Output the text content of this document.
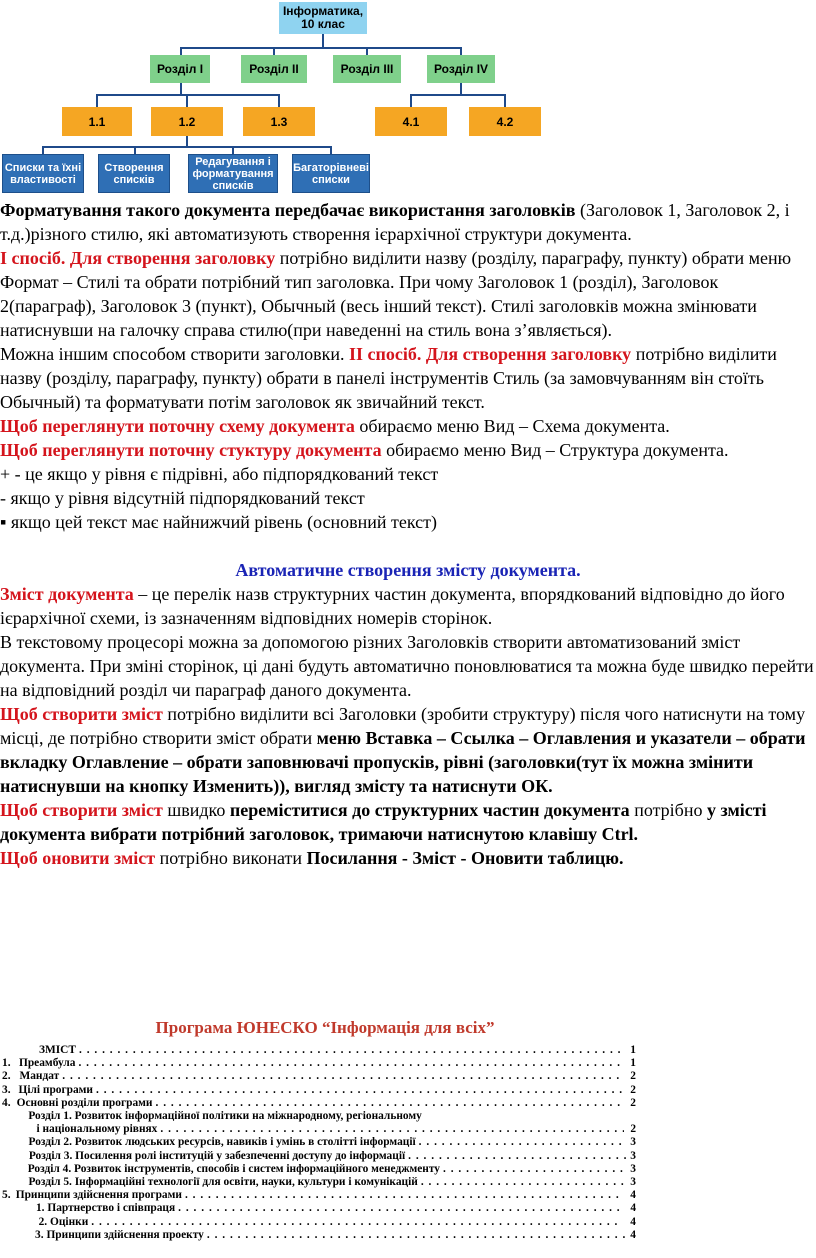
Інформатика, 10 клас
Розділ І	Розділ ІІ	Розділ ІІІ	Розділ IV
1.1	1.2	1.3	4.1	4.2
Списки та їхні властивості
Створення списків
Редагування і форматування списків
Багаторівневі списки

Форматування такого документа передбачає використання заголовків (Заголовок 1, Заголовок 2, і т.д.)різного стилю, які автоматизують створення ієрархічної структури документа.

І спосіб. Для створення заголовку потрібно виділити назву (розділу, параграфу, пункту) обрати меню Формат – Стилі та обрати потрібний тип заголовка. При чому Заголовок 1 (розділ), Заголовок 2(параграф), Заголовок 3 (пункт), Обычный (весь інший текст). Стилі заголовків можна змінювати натиснувши на галочку справа стилю(при наведенні на стиль вона з’являється).

Можна іншим способом створити заголовки. ІІ спосіб. Для створення заголовку потрібно виділити назву (розділу, параграфу, пункту) обрати в панелі інструментів Стиль (за замовчуванням він стоїть Обычный) та форматувати потім заголовок як звичайний текст.

Щоб переглянути поточну схему документа обираємо меню Вид – Схема документа.

Щоб переглянути поточну стуктуру документа обираємо меню Вид – Структура документа.

+ - це якщо у рівня є підрівні, або підпорядкований текст

- якщо у рівня відсутній підпорядкований текст

▪ якщо цей текст має найнижчий рівень (основний текст)

Автоматичне створення змісту документа.

Зміст документа – це перелік назв структурних частин документа, впорядкований відповідно до його ієрархічної схеми, із зазначенням відповідних номерів сторінок.

В текстовому процесорі можна за допомогою різних Заголовків створити автоматизований зміст документа. При зміні сторінок, ці дані будуть автоматично поновлюватися та можна буде швидко перейти на відповідний розділ чи параграф даного документа.

Щоб створити зміст потрібно виділити всі Заголовки (зробити структуру) після чого натиснути на тому місці, де потрібно створити зміст обрати меню Вставка – Ссылка – Оглавления и указатели – обрати вкладку Оглавление – обрати заповнювачі пропусків, рівні (заголовки(тут їх можна змінити натиснувши на кнопку Изменить)), вигляд змісту та натиснути ОК.

Щоб створити зміст швидко переміститися до структурних частин документа потрібно у змісті документа вибрати потрібний заголовок, тримаючи натиснутою клавішу Ctrl.

Щоб оновити зміст потрібно виконати Посилання - Зміст - Оновити таблицю.

Програма ЮНЕСКО “Інформація для всіх”
ЗМІСТ . . .	1
1. Преамбула . . .	1
2. Мандат . . .	2
3. Цілі програми . . .	2
4. Основні розділи програми . . .	2
Розділ 1. Розвиток інформаційної політики на міжнародному, регіональному
і національному рівнях . . .	2
Розділ 2. Розвиток людських ресурсів, навиків і умінь в столітті інформації . . .	3
Розділ 3. Посилення ролі інституцій у забезпеченні доступу до інформації . . .	3
Розділ 4. Розвиток інструментів, способів і систем інформаційного менеджменту . . .	3
Розділ 5. Інформаційні технології для освіти, науки, культури і комунікацій . . .	3
5. Принципи здійснення програми . . .	4
1. Партнерство і співпраця . . .	4
2. Оцінки . . .	4
3. Принципи здійснення проекту . . .	4
